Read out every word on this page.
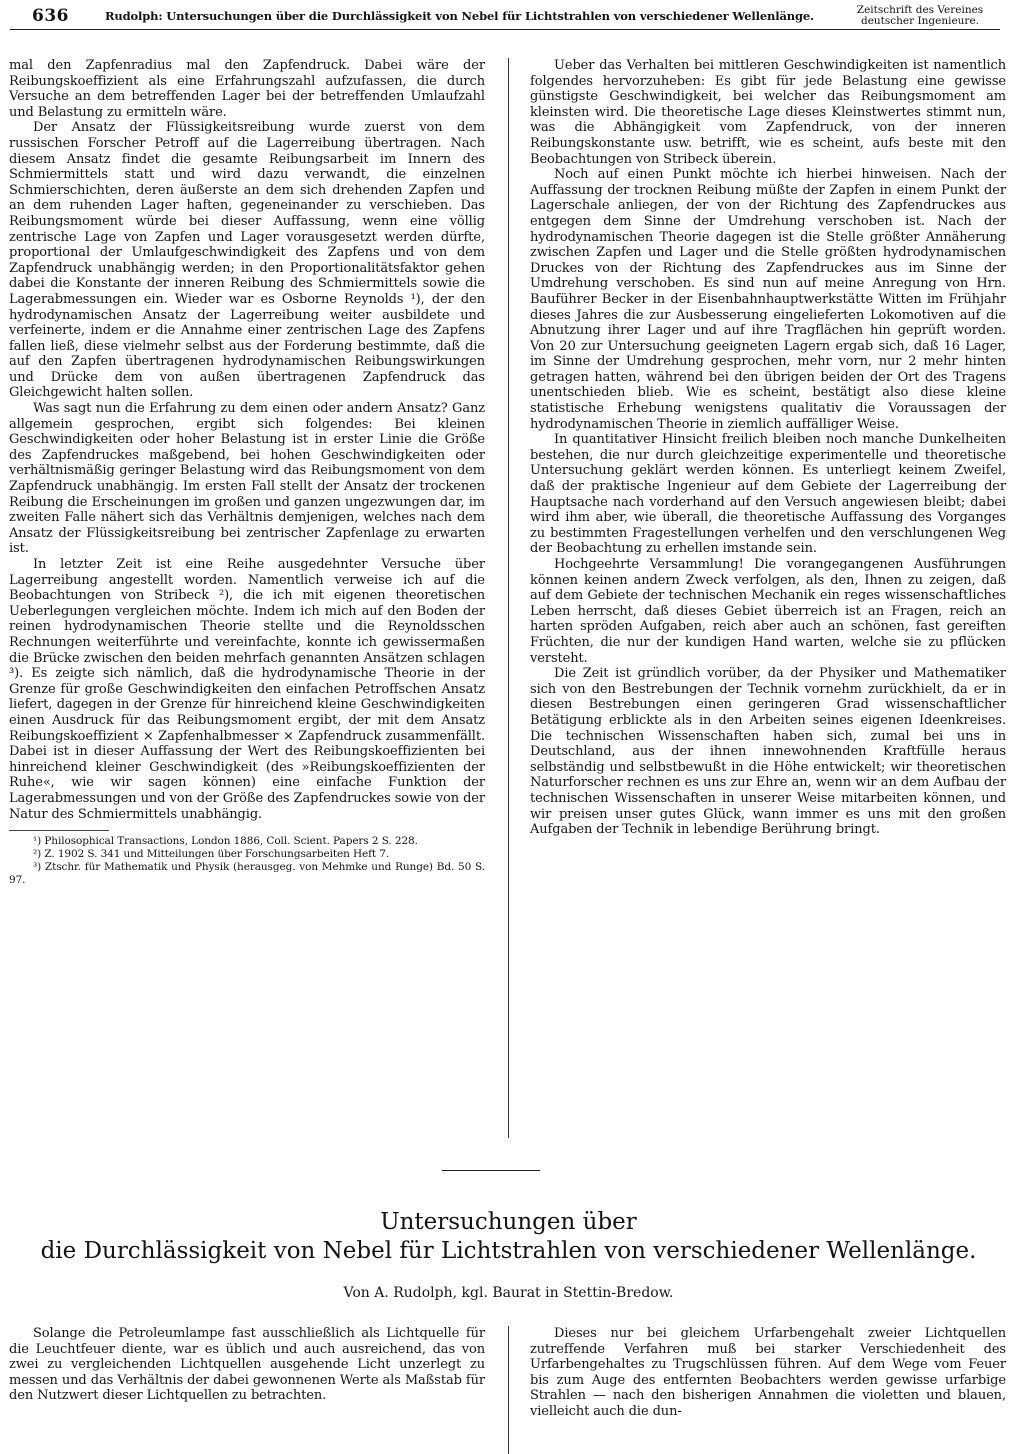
636	Rudolph: Untersuchungen über die Durchlässigkeit von Nebel für Lichtstrahlen von verschiedener Wellenlänge.	Zeitschrift des Vereines
deutscher Ingenieure.

mal den Zapfenradius mal den Zapfendruck. Dabei wäre der Reibungskoeffizient als eine Erfahrungszahl aufzufassen, die durch Versuche an dem betreffenden Lager bei der betreffenden Umlaufzahl und Belastung zu ermitteln wäre.

Der Ansatz der Flüssigkeitsreibung wurde zuerst von dem russischen Forscher Petroff auf die Lagerreibung übertragen. Nach diesem Ansatz findet die gesamte Reibungsarbeit im Innern des Schmiermittels statt und wird dazu verwandt, die einzelnen Schmierschichten, deren äußerste an dem sich drehenden Zapfen und an dem ruhenden Lager haften, gegeneinander zu verschieben. Das Reibungsmoment würde bei dieser Auffassung, wenn eine völlig zentrische Lage von Zapfen und Lager vorausgesetzt werden dürfte, proportional der Umlaufgeschwindigkeit des Zapfens und von dem Zapfendruck unabhängig werden; in den Proportionalitätsfaktor gehen dabei die Konstante der inneren Reibung des Schmiermittels sowie die Lagerabmessungen ein. Wieder war es Osborne Reynolds ¹), der den hydrodynamischen Ansatz der Lagerreibung weiter ausbildete und verfeinerte, indem er die Annahme einer zentrischen Lage des Zapfens fallen ließ, diese vielmehr selbst aus der Forderung bestimmte, daß die auf den Zapfen übertragenen hydrodynamischen Reibungswirkungen und Drücke dem von außen übertragenen Zapfendruck das Gleichgewicht halten sollen.

Was sagt nun die Erfahrung zu dem einen oder andern Ansatz? Ganz allgemein gesprochen, ergibt sich folgendes: Bei kleinen Geschwindigkeiten oder hoher Belastung ist in erster Linie die Größe des Zapfendruckes maßgebend, bei hohen Geschwindigkeiten oder verhältnismäßig geringer Belastung wird das Reibungsmoment von dem Zapfendruck unabhängig. Im ersten Fall stellt der Ansatz der trockenen Reibung die Erscheinungen im großen und ganzen ungezwungen dar, im zweiten Falle nähert sich das Verhältnis demjenigen, welches nach dem Ansatz der Flüssigkeitsreibung bei zentrischer Zapfenlage zu erwarten ist.

In letzter Zeit ist eine Reihe ausgedehnter Versuche über Lagerreibung angestellt worden. Namentlich verweise ich auf die Beobachtungen von Stribeck ²), die ich mit eigenen theoretischen Ueberlegungen vergleichen möchte. Indem ich mich auf den Boden der reinen hydrodynamischen Theorie stellte und die Reynoldsschen Rechnungen weiterführte und vereinfachte, konnte ich gewissermaßen die Brücke zwischen den beiden mehrfach genannten Ansätzen schlagen ³). Es zeigte sich nämlich, daß die hydrodynamische Theorie in der Grenze für große Geschwindigkeiten den einfachen Petroffschen Ansatz liefert, dagegen in der Grenze für hinreichend kleine Geschwindigkeiten einen Ausdruck für das Reibungsmoment ergibt, der mit dem Ansatz Reibungskoeffizient × Zapfenhalbmesser × Zapfendruck zusammenfällt. Dabei ist in dieser Auffassung der Wert des Reibungskoeffizienten bei hinreichend kleiner Geschwindigkeit (des »Reibungskoeffizienten der Ruhe«, wie wir sagen können) eine einfache Funktion der Lagerabmessungen und von der Größe des Zapfendruckes sowie von der Natur des Schmiermittels unabhängig.

¹) Philosophical Transactions, London 1886, Coll. Scient. Papers 2 S. 228.

²) Z. 1902 S. 341 und Mitteilungen über Forschungsarbeiten Heft 7.

³) Ztschr. für Mathematik und Physik (herausgeg. von Mehmke und Runge) Bd. 50 S. 97.

Ueber das Verhalten bei mittleren Geschwindigkeiten ist namentlich folgendes hervorzuheben: Es gibt für jede Belastung eine gewisse günstigste Geschwindigkeit, bei welcher das Reibungsmoment am kleinsten wird. Die theoretische Lage dieses Kleinstwertes stimmt nun, was die Abhängigkeit vom Zapfendruck, von der inneren Reibungskonstante usw. betrifft, wie es scheint, aufs beste mit den Beobachtungen von Stribeck überein.

Noch auf einen Punkt möchte ich hierbei hinweisen. Nach der Auffassung der trocknen Reibung müßte der Zapfen in einem Punkt der Lagerschale anliegen, der von der Richtung des Zapfendruckes aus entgegen dem Sinne der Umdrehung verschoben ist. Nach der hydrodynamischen Theorie dagegen ist die Stelle größter Annäherung zwischen Zapfen und Lager und die Stelle größten hydrodynamischen Druckes von der Richtung des Zapfendruckes aus im Sinne der Umdrehung verschoben. Es sind nun auf meine Anregung von Hrn. Bauführer Becker in der Eisenbahnhauptwerkstätte Witten im Frühjahr dieses Jahres die zur Ausbesserung eingelieferten Lokomotiven auf die Abnutzung ihrer Lager und auf ihre Tragflächen hin geprüft worden. Von 20 zur Untersuchung geeigneten Lagern ergab sich, daß 16 Lager, im Sinne der Umdrehung gesprochen, mehr vorn, nur 2 mehr hinten getragen hatten, während bei den übrigen beiden der Ort des Tragens unentschieden blieb. Wie es scheint, bestätigt also diese kleine statistische Erhebung wenigstens qualitativ die Voraussagen der hydrodynamischen Theorie in ziemlich auffälliger Weise.

In quantitativer Hinsicht freilich bleiben noch manche Dunkelheiten bestehen, die nur durch gleichzeitige experimentelle und theoretische Untersuchung geklärt werden können. Es unterliegt keinem Zweifel, daß der praktische Ingenieur auf dem Gebiete der Lagerreibung der Hauptsache nach vorderhand auf den Versuch angewiesen bleibt; dabei wird ihm aber, wie überall, die theoretische Auffassung des Vorganges zu bestimmten Fragestellungen verhelfen und den verschlungenen Weg der Beobachtung zu erhellen imstande sein.

Hochgeehrte Versammlung! Die vorangegangenen Ausführungen können keinen andern Zweck verfolgen, als den, Ihnen zu zeigen, daß auf dem Gebiete der technischen Mechanik ein reges wissenschaftliches Leben herrscht, daß dieses Gebiet überreich ist an Fragen, reich an harten spröden Aufgaben, reich aber auch an schönen, fast gereiften Früchten, die nur der kundigen Hand warten, welche sie zu pflücken versteht.

Die Zeit ist gründlich vorüber, da der Physiker und Mathematiker sich von den Bestrebungen der Technik vornehm zurückhielt, da er in diesen Bestrebungen einen geringeren Grad wissenschaftlicher Betätigung erblickte als in den Arbeiten seines eigenen Ideenkreises. Die technischen Wissenschaften haben sich, zumal bei uns in Deutschland, aus der ihnen innewohnenden Kraftfülle heraus selbständig und selbstbewußt in die Höhe entwickelt; wir theoretischen Naturforscher rechnen es uns zur Ehre an, wenn wir an dem Aufbau der technischen Wissenschaften in unserer Weise mitarbeiten können, und wir preisen unser gutes Glück, wann immer es uns mit den großen Aufgaben der Technik in lebendige Berührung bringt.

Untersuchungen über
die Durchlässigkeit von Nebel für Lichtstrahlen von verschiedener Wellenlänge.
Von A. Rudolph, kgl. Baurat in Stettin-Bredow.

Solange die Petroleumlampe fast ausschließlich als Lichtquelle für die Leuchtfeuer diente, war es üblich und auch ausreichend, das von zwei zu vergleichenden Lichtquellen ausgehende Licht unzerlegt zu messen und das Verhältnis der dabei gewonnenen Werte als Maßstab für den Nutzwert dieser Lichtquellen zu betrachten.

Dieses nur bei gleichem Urfarbengehalt zweier Lichtquellen zutreffende Verfahren muß bei starker Verschiedenheit des Urfarbengehaltes zu Trugschlüssen führen. Auf dem Wege vom Feuer bis zum Auge des entfernten Beobachters werden gewisse urfarbige Strahlen — nach den bisherigen Annahmen die violetten und blauen, vielleicht auch die dun-
